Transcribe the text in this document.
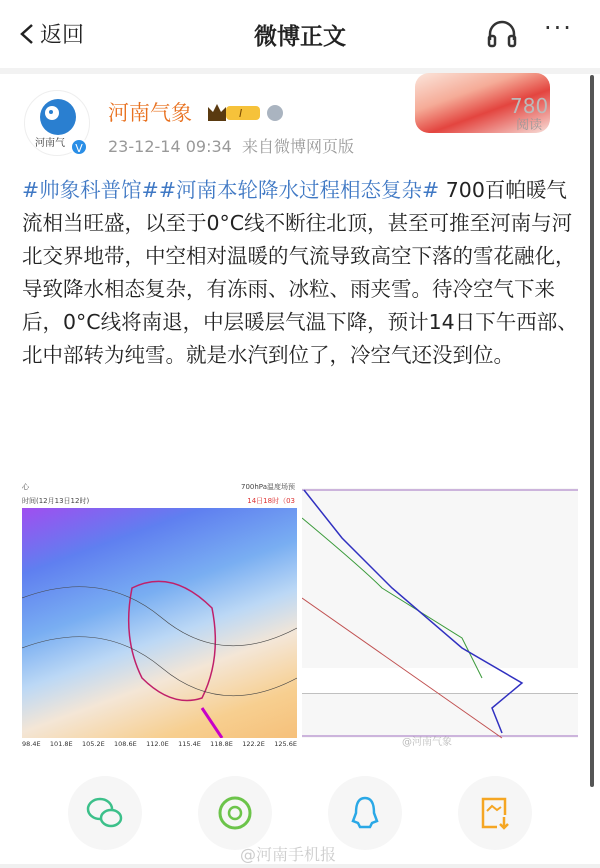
返回	微博正文	···
河南气 V
河南气象	I
23-12-14 09:34 来自微博网页版
780
阅读
#帅象科普馆##河南本轮降水过程相态复杂# 700百帕暖气流相当旺盛，以至于0°C线不断往北顶，甚至可推至河南与河北交界地带，中空相对温暖的气流导致高空下落的雪花融化，导致降水相态复杂，有冻雨、冰粒、雨夹雪。待冷空气下来后，0°C线将南退，中层暖层气温下降，预计14日下午西部、北中部转为纯雪。就是水汽到位了，冷空气还没到位。
心
时间(12月13日12时)
700hPa温度场预
14日18时（03
98.4E 101.8E 105.2E 108.6E 112.0E 115.4E 118.8E 122.2E 125.6E	@河南气象
@河南手机报
